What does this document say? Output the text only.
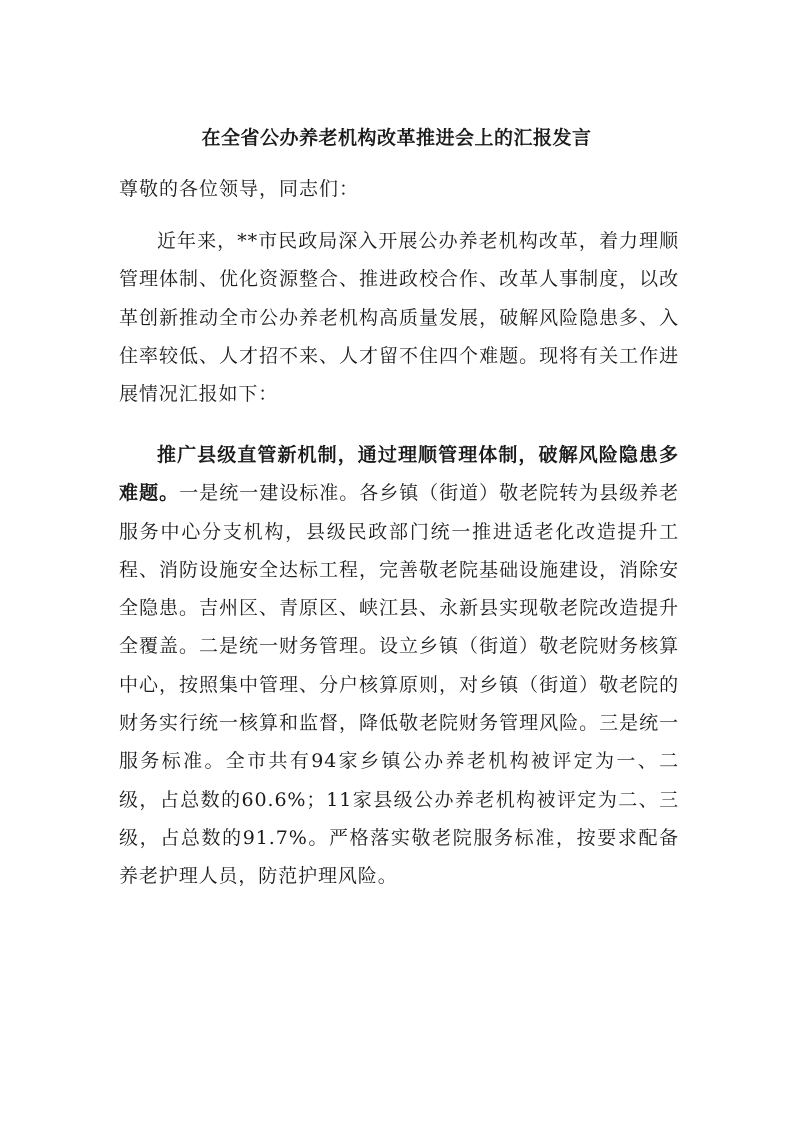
在全省公办养老机构改革推进会上的汇报发言

尊敬的各位领导，同志们：

近年来，**市民政局深入开展公办养老机构改革，着力理顺管理体制、优化资源整合、推进政校合作、改革人事制度，以改革创新推动全市公办养老机构高质量发展，破解风险隐患多、入住率较低、人才招不来、人才留不住四个难题。现将有关工作进展情况汇报如下：

推广县级直管新机制，通过理顺管理体制，破解风险隐患多难题。一是统一建设标准。各乡镇（街道）敬老院转为县级养老服务中心分支机构，县级民政部门统一推进适老化改造提升工程、消防设施安全达标工程，完善敬老院基础设施建设，消除安全隐患。吉州区、青原区、峡江县、永新县实现敬老院改造提升全覆盖。二是统一财务管理。设立乡镇（街道）敬老院财务核算中心，按照集中管理、分户核算原则，对乡镇（街道）敬老院的财务实行统一核算和监督，降低敬老院财务管理风险。三是统一服务标准。全市共有94家乡镇公办养老机构被评定为一、二级，占总数的60.6%；11家县级公办养老机构被评定为二、三级，占总数的91.7%。严格落实敬老院服务标准，按要求配备养老护理人员，防范护理风险。
